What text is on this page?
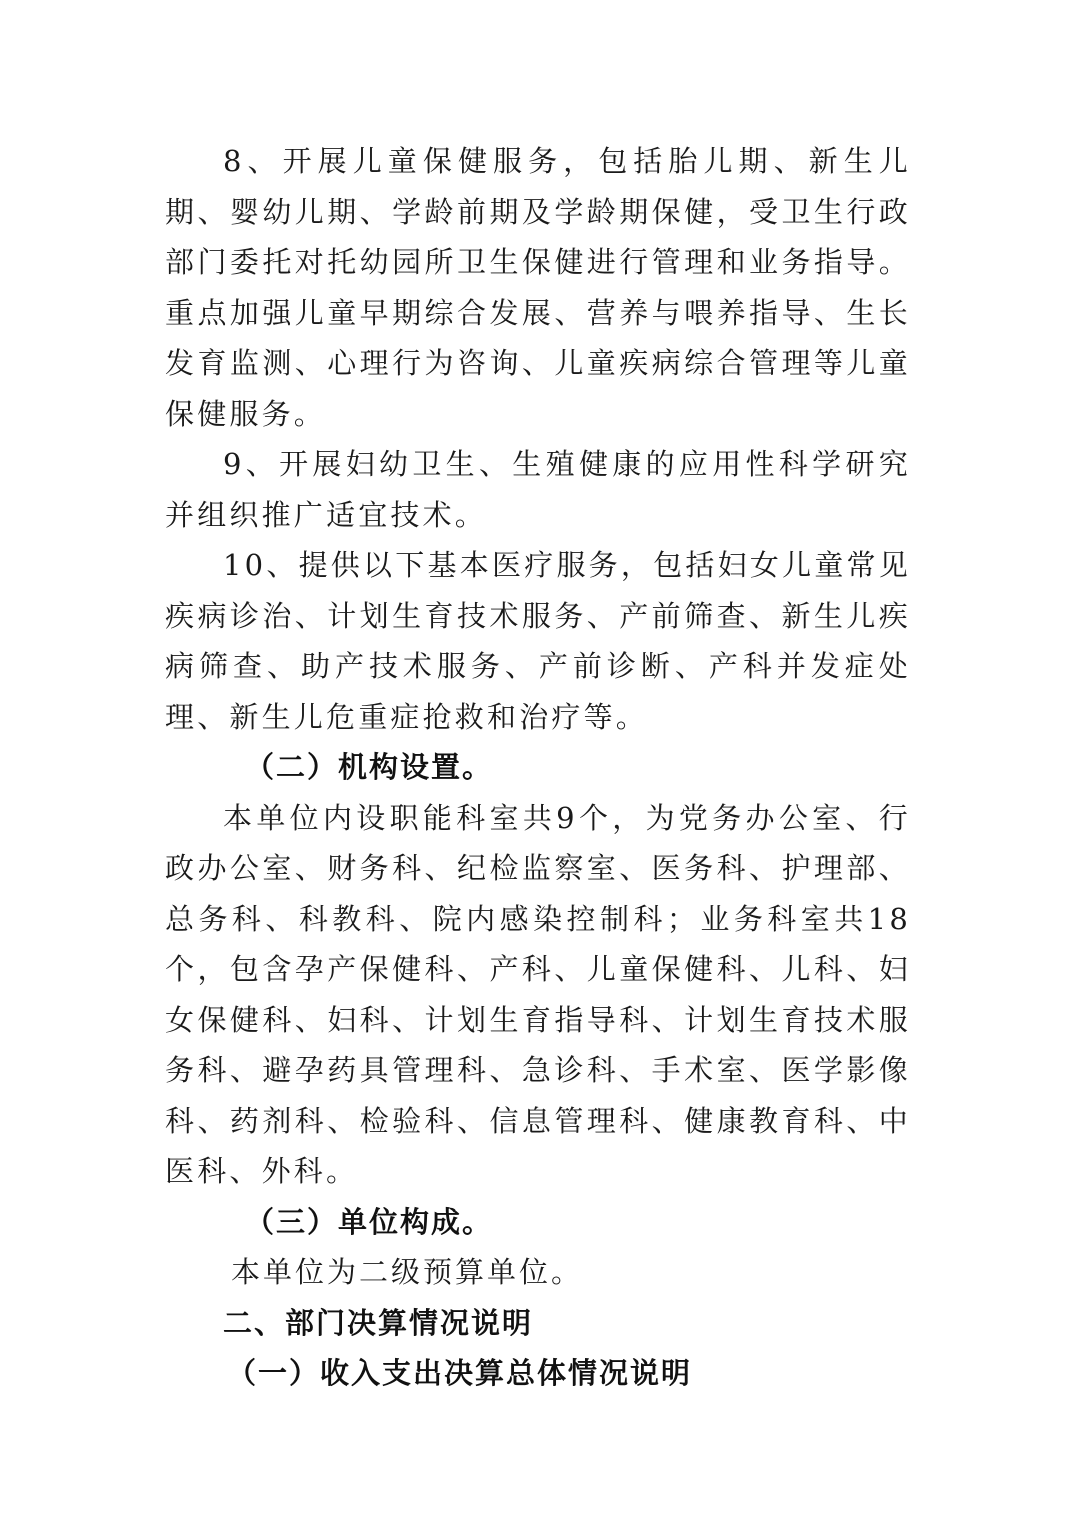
8、开展儿童保健服务，包括胎儿期、新生儿期、婴幼儿期、学龄前期及学龄期保健，受卫生行政部门委托对托幼园所卫生保健进行管理和业务指导。重点加强儿童早期综合发展、营养与喂养指导、生长发育监测、心理行为咨询、儿童疾病综合管理等儿童保健服务。

9、开展妇幼卫生、生殖健康的应用性科学研究并组织推广适宜技术。

10、提供以下基本医疗服务，包括妇女儿童常见疾病诊治、计划生育技术服务、产前筛查、新生儿疾病筛查、助产技术服务、产前诊断、产科并发症处理、新生儿危重症抢救和治疗等。

（二）机构设置。

本单位内设职能科室共9个，为党务办公室、行政办公室、财务科、纪检监察室、医务科、护理部、总务科、科教科、院内感染控制科；业务科室共18个，包含孕产保健科、产科、儿童保健科、儿科、妇女保健科、妇科、计划生育指导科、计划生育技术服务科、避孕药具管理科、急诊科、手术室、医学影像科、药剂科、检验科、信息管理科、健康教育科、中医科、外科。

（三）单位构成。

本单位为二级预算单位。

二、部门决算情况说明

（一）收入支出决算总体情况说明
